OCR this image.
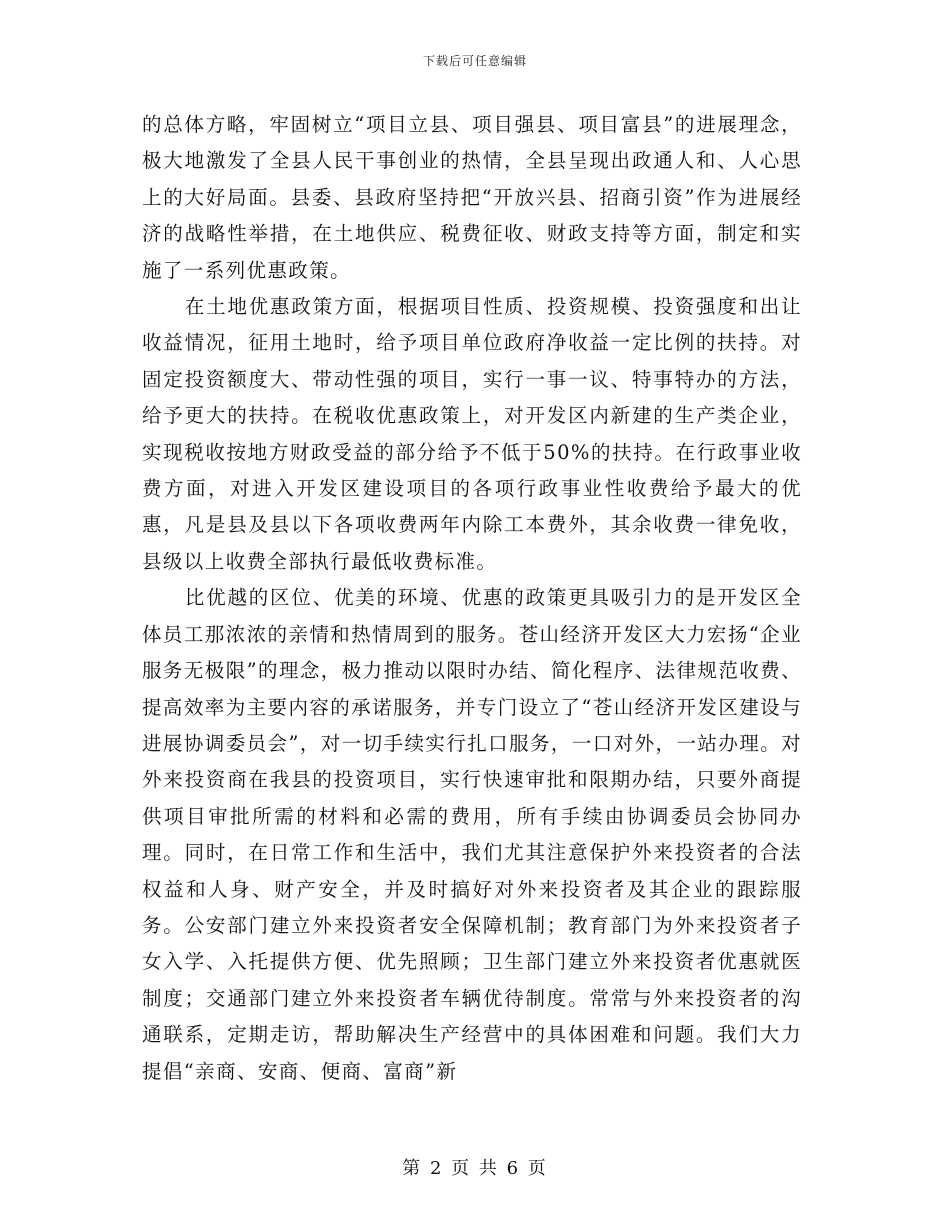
下载后可任意编辑

的总体方略，牢固树立“项目立县、项目强县、项目富县”的进展理念，极大地激发了全县人民干事创业的热情，全县呈现出政通人和、人心思上的大好局面。县委、县政府坚持把“开放兴县、招商引资”作为进展经济的战略性举措，在土地供应、税费征收、财政支持等方面，制定和实施了一系列优惠政策。

在土地优惠政策方面，根据项目性质、投资规模、投资强度和出让收益情况，征用土地时，给予项目单位政府净收益一定比例的扶持。对固定投资额度大、带动性强的项目，实行一事一议、特事特办的方法，给予更大的扶持。在税收优惠政策上，对开发区内新建的生产类企业，实现税收按地方财政受益的部分给予不低于50%的扶持。在行政事业收费方面，对进入开发区建设项目的各项行政事业性收费给予最大的优惠，凡是县及县以下各项收费两年内除工本费外，其余收费一律免收，县级以上收费全部执行最低收费标准。

比优越的区位、优美的环境、优惠的政策更具吸引力的是开发区全体员工那浓浓的亲情和热情周到的服务。苍山经济开发区大力宏扬“企业服务无极限”的理念，极力推动以限时办结、简化程序、法律规范收费、提高效率为主要内容的承诺服务，并专门设立了“苍山经济开发区建设与进展协调委员会”，对一切手续实行扎口服务，一口对外，一站办理。对外来投资商在我县的投资项目，实行快速审批和限期办结，只要外商提供项目审批所需的材料和必需的费用，所有手续由协调委员会协同办理。同时，在日常工作和生活中，我们尤其注意保护外来投资者的合法权益和人身、财产安全，并及时搞好对外来投资者及其企业的跟踪服务。公安部门建立外来投资者安全保障机制；教育部门为外来投资者子女入学、入托提供方便、优先照顾；卫生部门建立外来投资者优惠就医制度；交通部门建立外来投资者车辆优待制度。常常与外来投资者的沟通联系，定期走访，帮助解决生产经营中的具体困难和问题。我们大力提倡“亲商、安商、便商、富商”新

第 2 页 共 6 页
